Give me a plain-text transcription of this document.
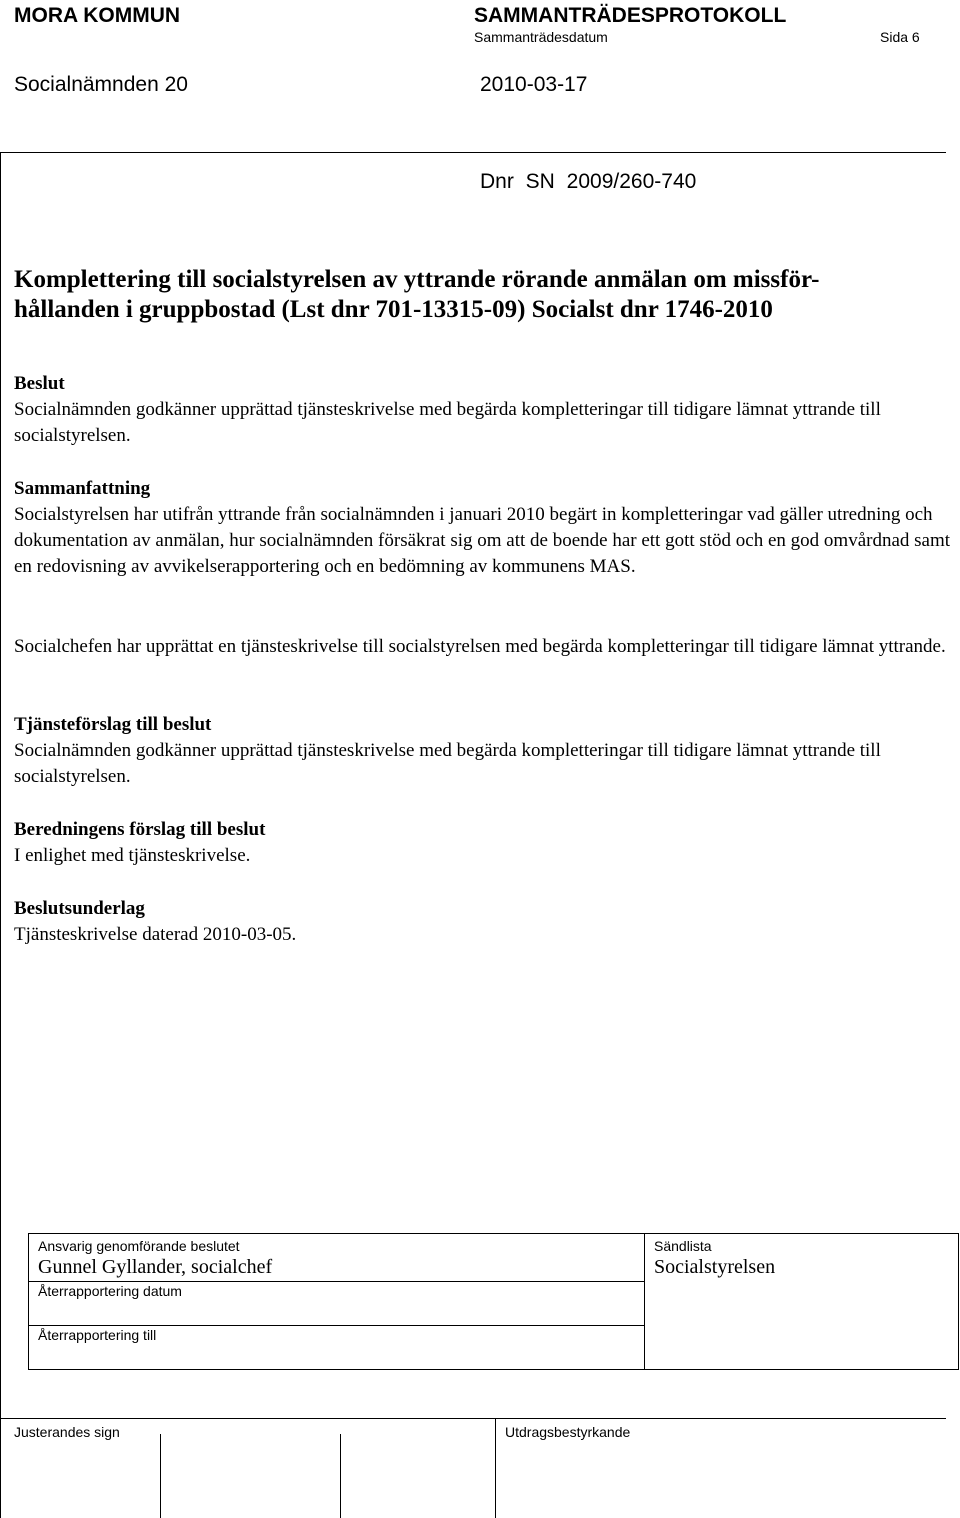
MORA KOMMUN	SAMMANTRÄDESPROTOKOLL
Sammanträdesdatum	Sida 6
Socialnämnden 20	2010-03-17
Dnr SN 2009/260-740
Komplettering till socialstyrelsen av yttrande rörande anmälan om missför-
hållanden i gruppbostad (Lst dnr 701-13315-09) Socialst dnr 1746-2010
Beslut
Socialnämnden godkänner upprättad tjänsteskrivelse med begärda kompletteringar till tidigare lämnat yttrande till socialstyrelsen.
Sammanfattning
Socialstyrelsen har utifrån yttrande från socialnämnden i januari 2010 begärt in kompletteringar vad gäller utredning och dokumentation av anmälan, hur socialnämnden försäkrat sig om att de boende har ett gott stöd och en god omvårdnad samt en redovisning av avvikelserapportering och en bedömning av kommunens MAS.
Socialchefen har upprättat en tjänsteskrivelse till socialstyrelsen med begärda kompletteringar till tidigare lämnat yttrande.
Tjänsteförslag till beslut
Socialnämnden godkänner upprättad tjänsteskrivelse med begärda kompletteringar till tidigare lämnat yttrande till socialstyrelsen.
Beredningens förslag till beslut
I enlighet med tjänsteskrivelse.
Beslutsunderlag
Tjänsteskrivelse daterad 2010-03-05.
Ansvarig genomförande beslutet
Gunnel Gyllander, socialchef
Återrapportering datum
Återrapportering till
Sändlista
Socialstyrelsen
Justerandes sign	Utdragsbestyrkande
